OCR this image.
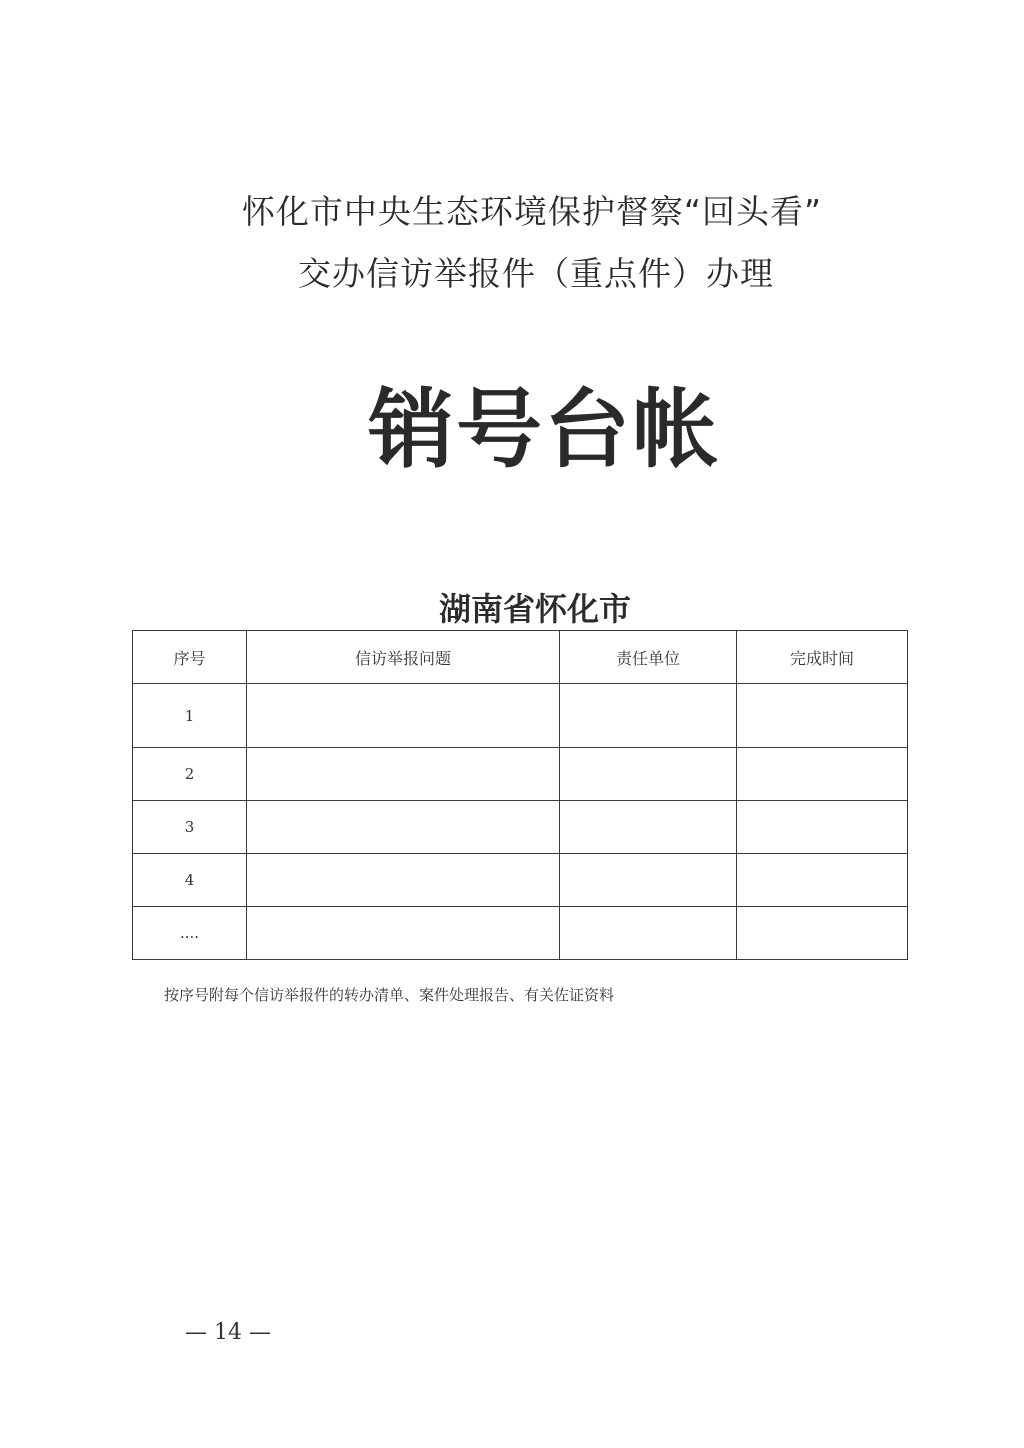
怀化市中央生态环境保护督察“回头看”
交办信访举报件（重点件）办理
销号台帐
湖南省怀化市
序号	信访举报问题	责任单位	完成时间
1			
2			
3			
4			
....			
按序号附每个信访举报件的转办清单、案件处理报告、有关佐证资料
— 14 —
